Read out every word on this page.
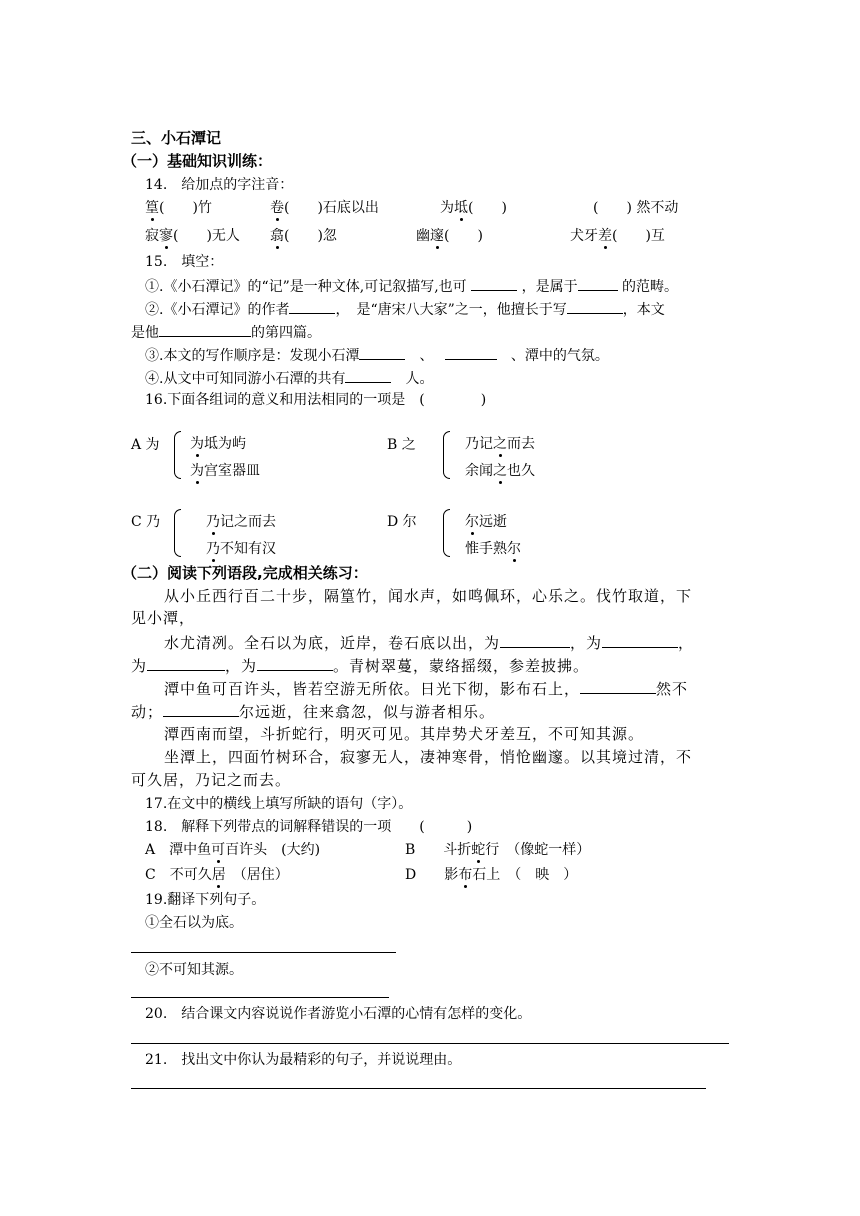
三、小石潭记
（一）基础知识训练：
14.　给加点的字注音：
篁(　　)竹	卷(　　)石底以出	为坻(　　)	(　　) 然不动
寂寥(　　)无人 翕(　　)忽	幽邃(　　)	犬牙差(　　)互
15.　填空：
①.《小石潭记》的“记”是一种文体,可记叙描写,也可	，是属于	的范畴。
②.《小石潭记》的作者	，　是“唐宋八大家”之一，他擅长于写	，本文
是他	的第四篇。
③.本文的写作顺序是：发现小石潭　	、　 　	、潭中的气氛。
④.从文中可知同游小石潭的共有　	人。
16.下面各组词的意义和用法相同的一项是　(　　　　)
A 为 为坻为屿
为宫室器皿
B 之	乃记之而去
余闻之也久
C 乃	乃记之而去
乃不知有汉
D 尔	尔远逝
惟手熟尔
（二）阅读下列语段,完成相关练习：
从小丘西行百二十步，隔篁竹，闻水声，如鸣佩环，心乐之。伐竹取道，下
见小潭，
水尤清冽。全石以为底，近岸，卷石底以出，为	，为	，
为	，为	。青树翠蔓，蒙络摇缀，参差披拂。
潭中鱼可百许头，皆若空游无所依。日光下彻，影布石上，	然不
动；	尔远逝，往来翕忽，似与游者相乐。
潭西南而望，斗折蛇行，明灭可见。其岸势犬牙差互，不可知其源。
坐潭上，四面竹树环合，寂寥无人，凄神寒骨，悄怆幽邃。以其境过清，不
可久居，乃记之而去。
17.在文中的横线上填写所缺的语句（字）。
18.　解释下列带点的词解释错误的一项　　(　　　)
A　 潭中鱼可百许头　(大约)	B　　 斗折蛇行　（像蛇一样）
C　 不可久居　（居住）	D　　 影布石上　（　映　）
19.翻译下列句子。
①全石以为底。
②不可知其源。
20.　结合课文内容说说作者游览小石潭的心情有怎样的变化。
21.　找出文中你认为最精彩的句子，并说说理由。
